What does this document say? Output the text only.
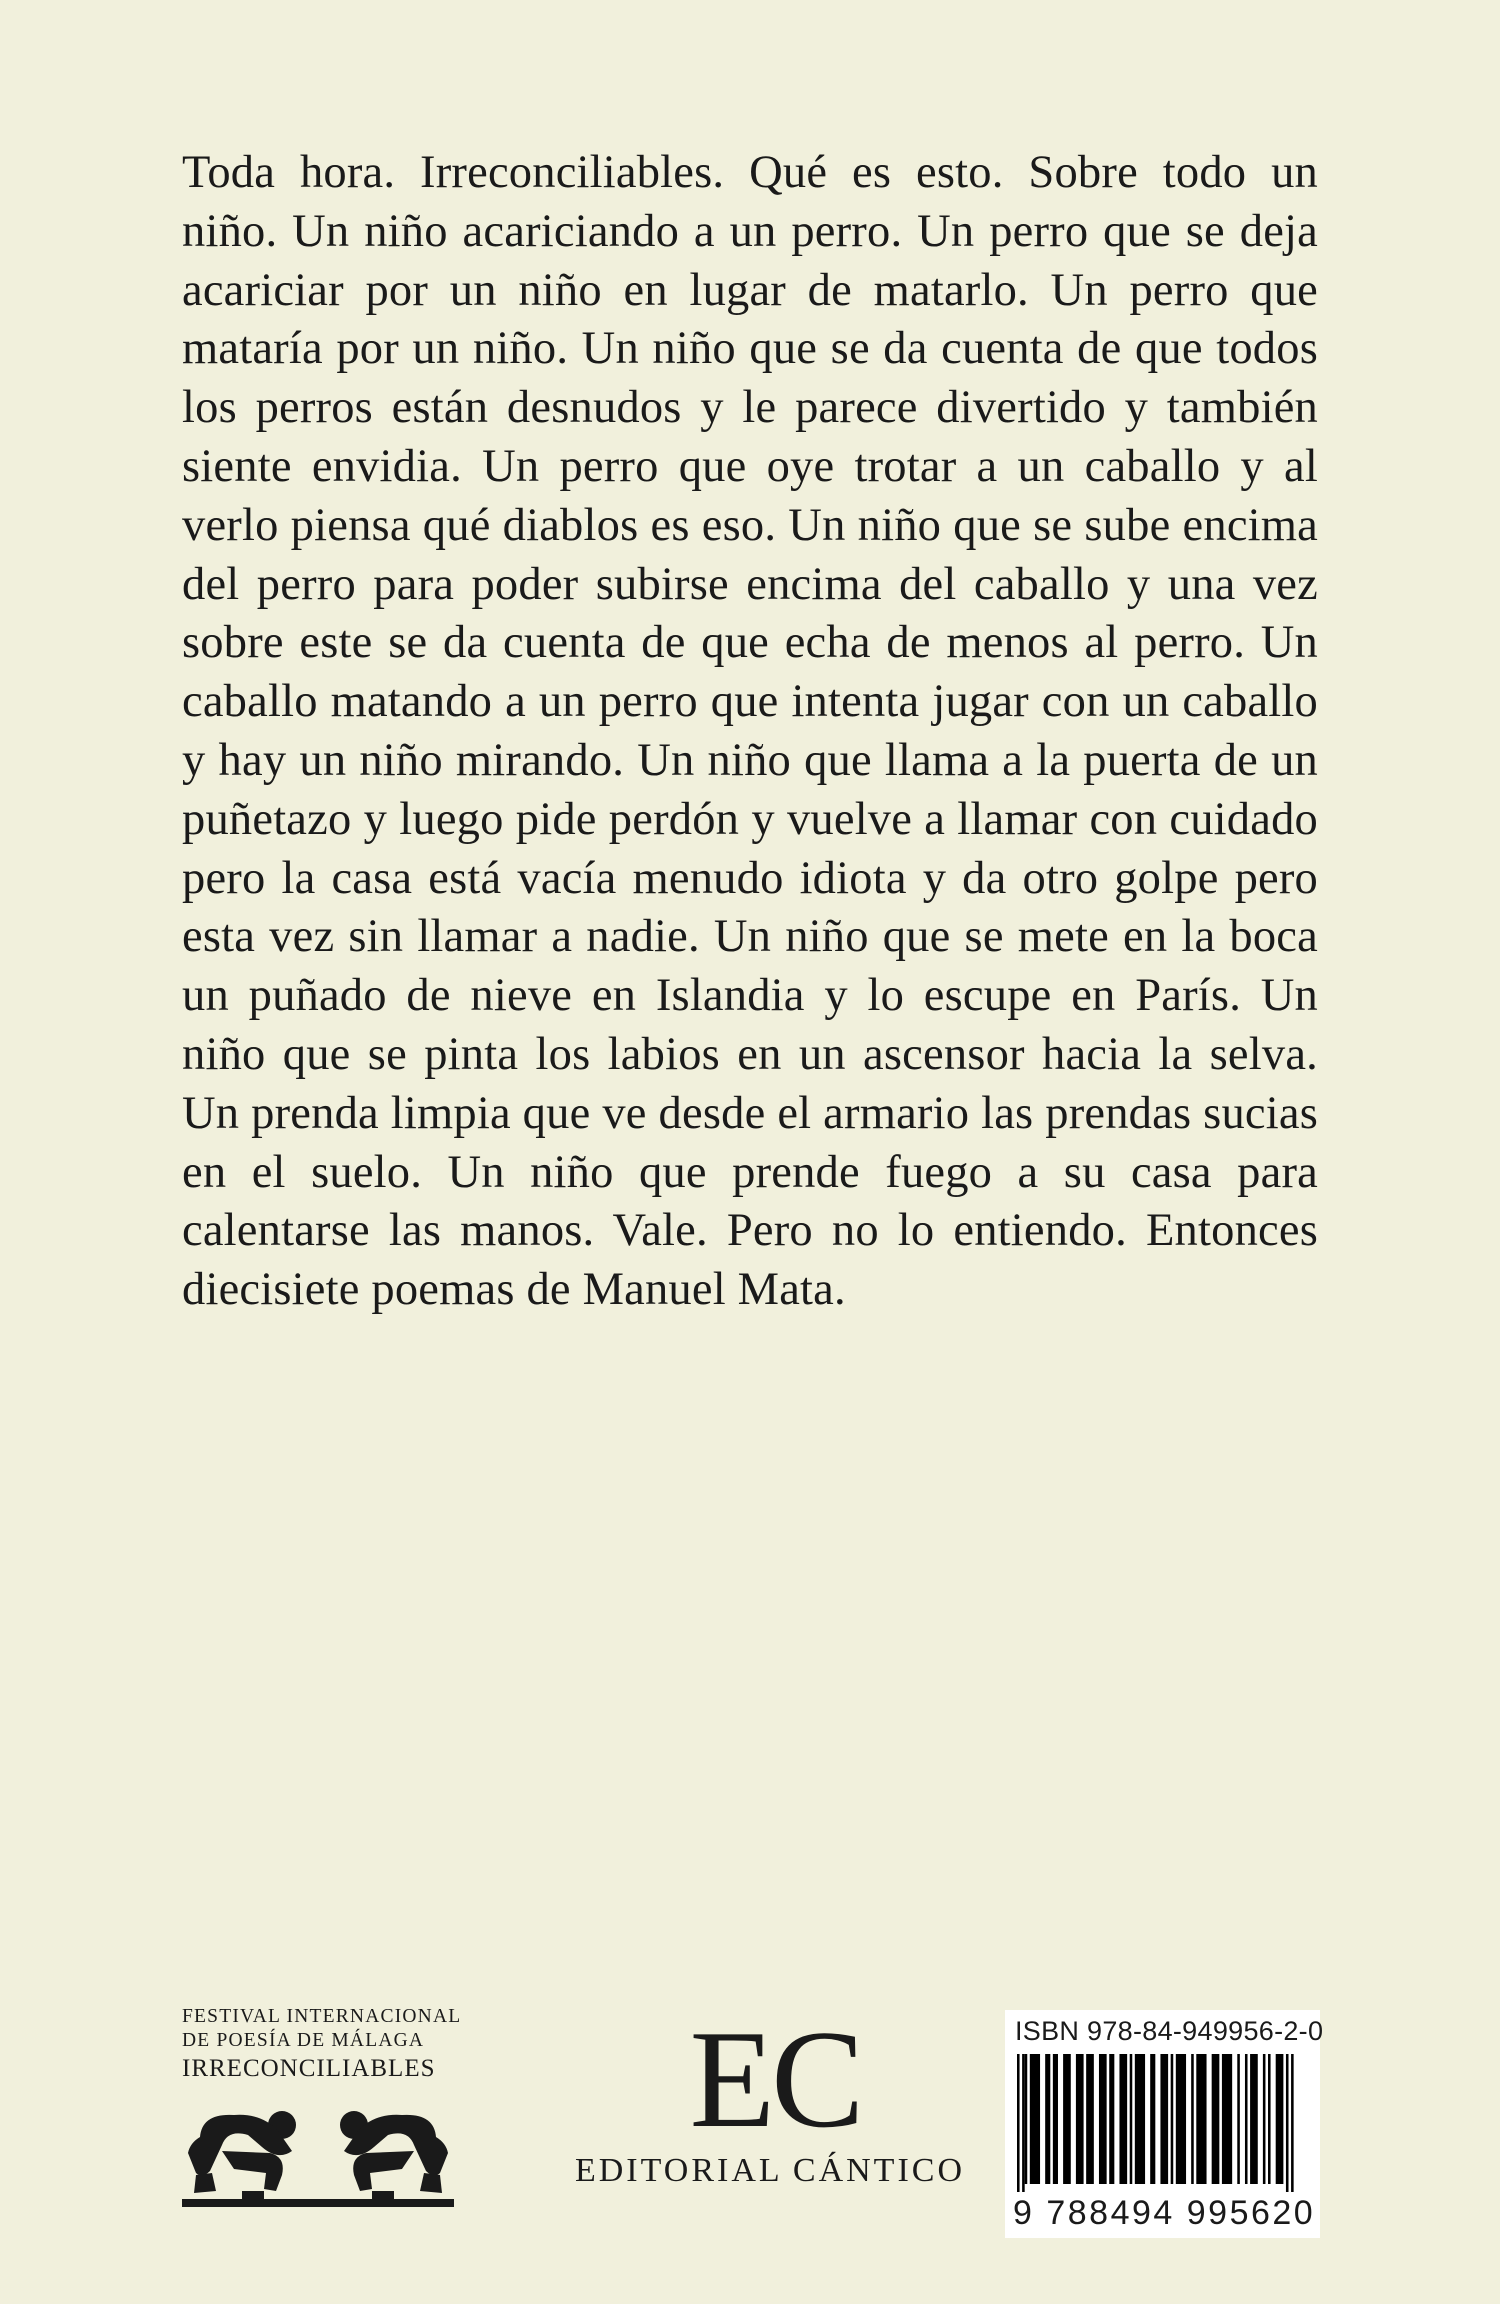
Toda hora. Irreconciliables. Qué es esto. Sobre todo un niño. Un niño acariciando a un perro. Un perro que se deja acariciar por un niño en lugar de matarlo. Un perro que mataría por un niño. Un niño que se da cuenta de que todos los perros están desnudos y le parece divertido y también siente envidia. Un perro que oye trotar a un caballo y al verlo piensa qué diablos es eso. Un niño que se sube encima del perro para poder subirse encima del caballo y una vez sobre este se da cuenta de que echa de menos al perro. Un caballo matando a un perro que intenta jugar con un caballo y hay un niño mirando. Un niño que llama a la puerta de un puñetazo y luego pide perdón y vuelve a llamar con cuidado pero la casa está vacía menudo idiota y da otro golpe pero esta vez sin llamar a nadie. Un niño que se mete en la boca un puñado de nieve en Islandia y lo escupe en París. Un niño que se pinta los labios en un ascensor hacia la selva. Un prenda limpia que ve desde el armario las prendas sucias en el suelo. Un niño que prende fuego a su casa para calentarse las manos. Vale. Pero no lo entiendo. Entonces diecisiete poemas de Manuel Mata.

FESTIVAL INTERNACIONAL
DE POESÍA DE MÁLAGA
IRRECONCILIABLES	EC
EDITORIAL CÁNTICO
ISBN 978-84-949956-2-0
9 788494 995620
